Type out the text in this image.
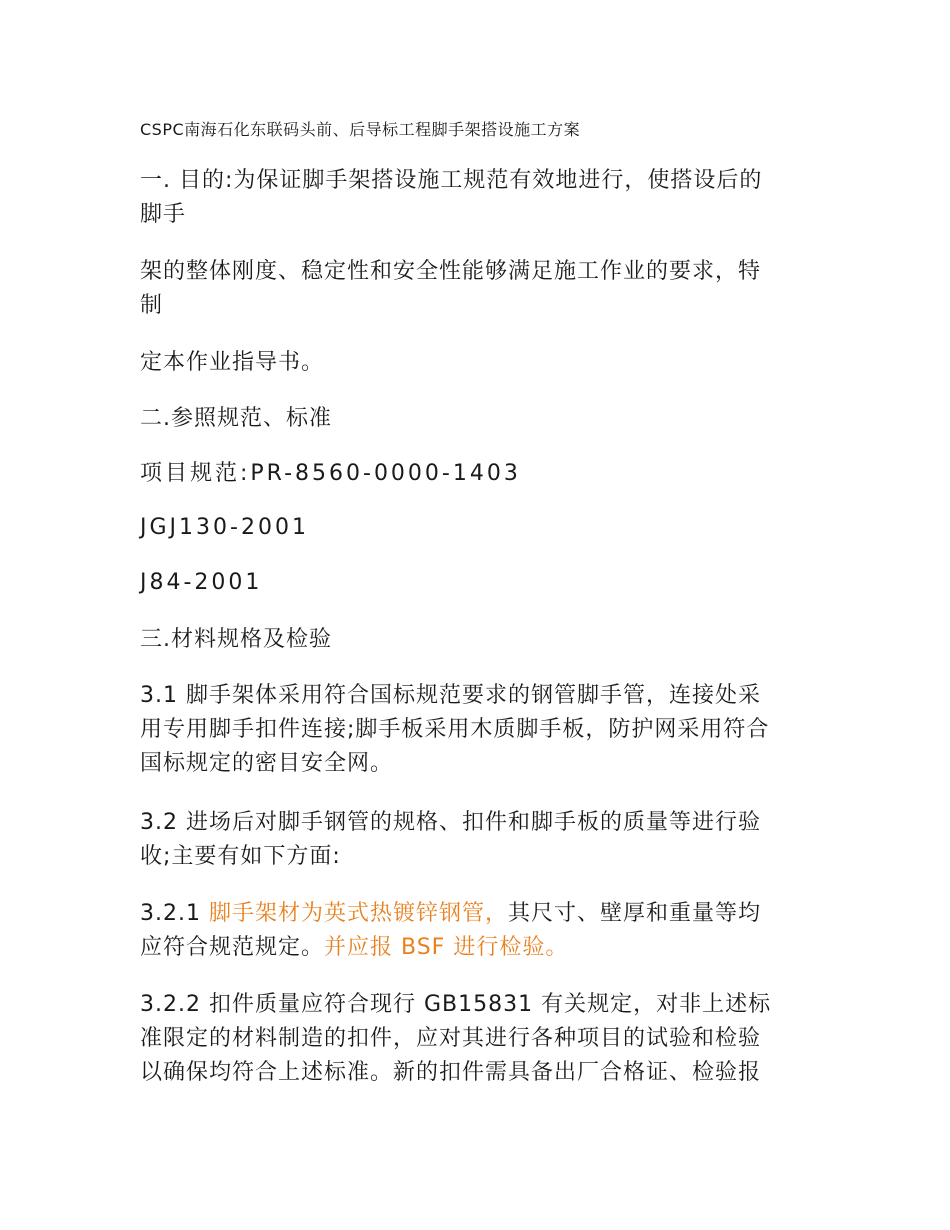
CSPC南海石化东联码头前、后导标工程脚手架搭设施工方案
一. 目的:为保证脚手架搭设施工规范有效地进行，使搭设后的
脚手
架的整体刚度、稳定性和安全性能够满足施工作业的要求，特
制
定本作业指导书。
二.参照规范、标准
项目规范:PR-8560-0000-1403
JGJ130-2001
J84-2001
三.材料规格及检验
3.1 脚手架体采用符合国标规范要求的钢管脚手管，连接处采
用专用脚手扣件连接;脚手板采用木质脚手板，防护网采用符合
国标规定的密目安全网。
3.2 进场后对脚手钢管的规格、扣件和脚手板的质量等进行验
收;主要有如下方面:
3.2.1 脚手架材为英式热镀锌钢管，其尺寸、壁厚和重量等均
应符合规范规定。并应报 BSF 进行检验。
3.2.2 扣件质量应符合现行 GB15831 有关规定，对非上述标
准限定的材料制造的扣件，应对其进行各种项目的试验和检验
以确保均符合上述标准。新的扣件需具备出厂合格证、检验报
